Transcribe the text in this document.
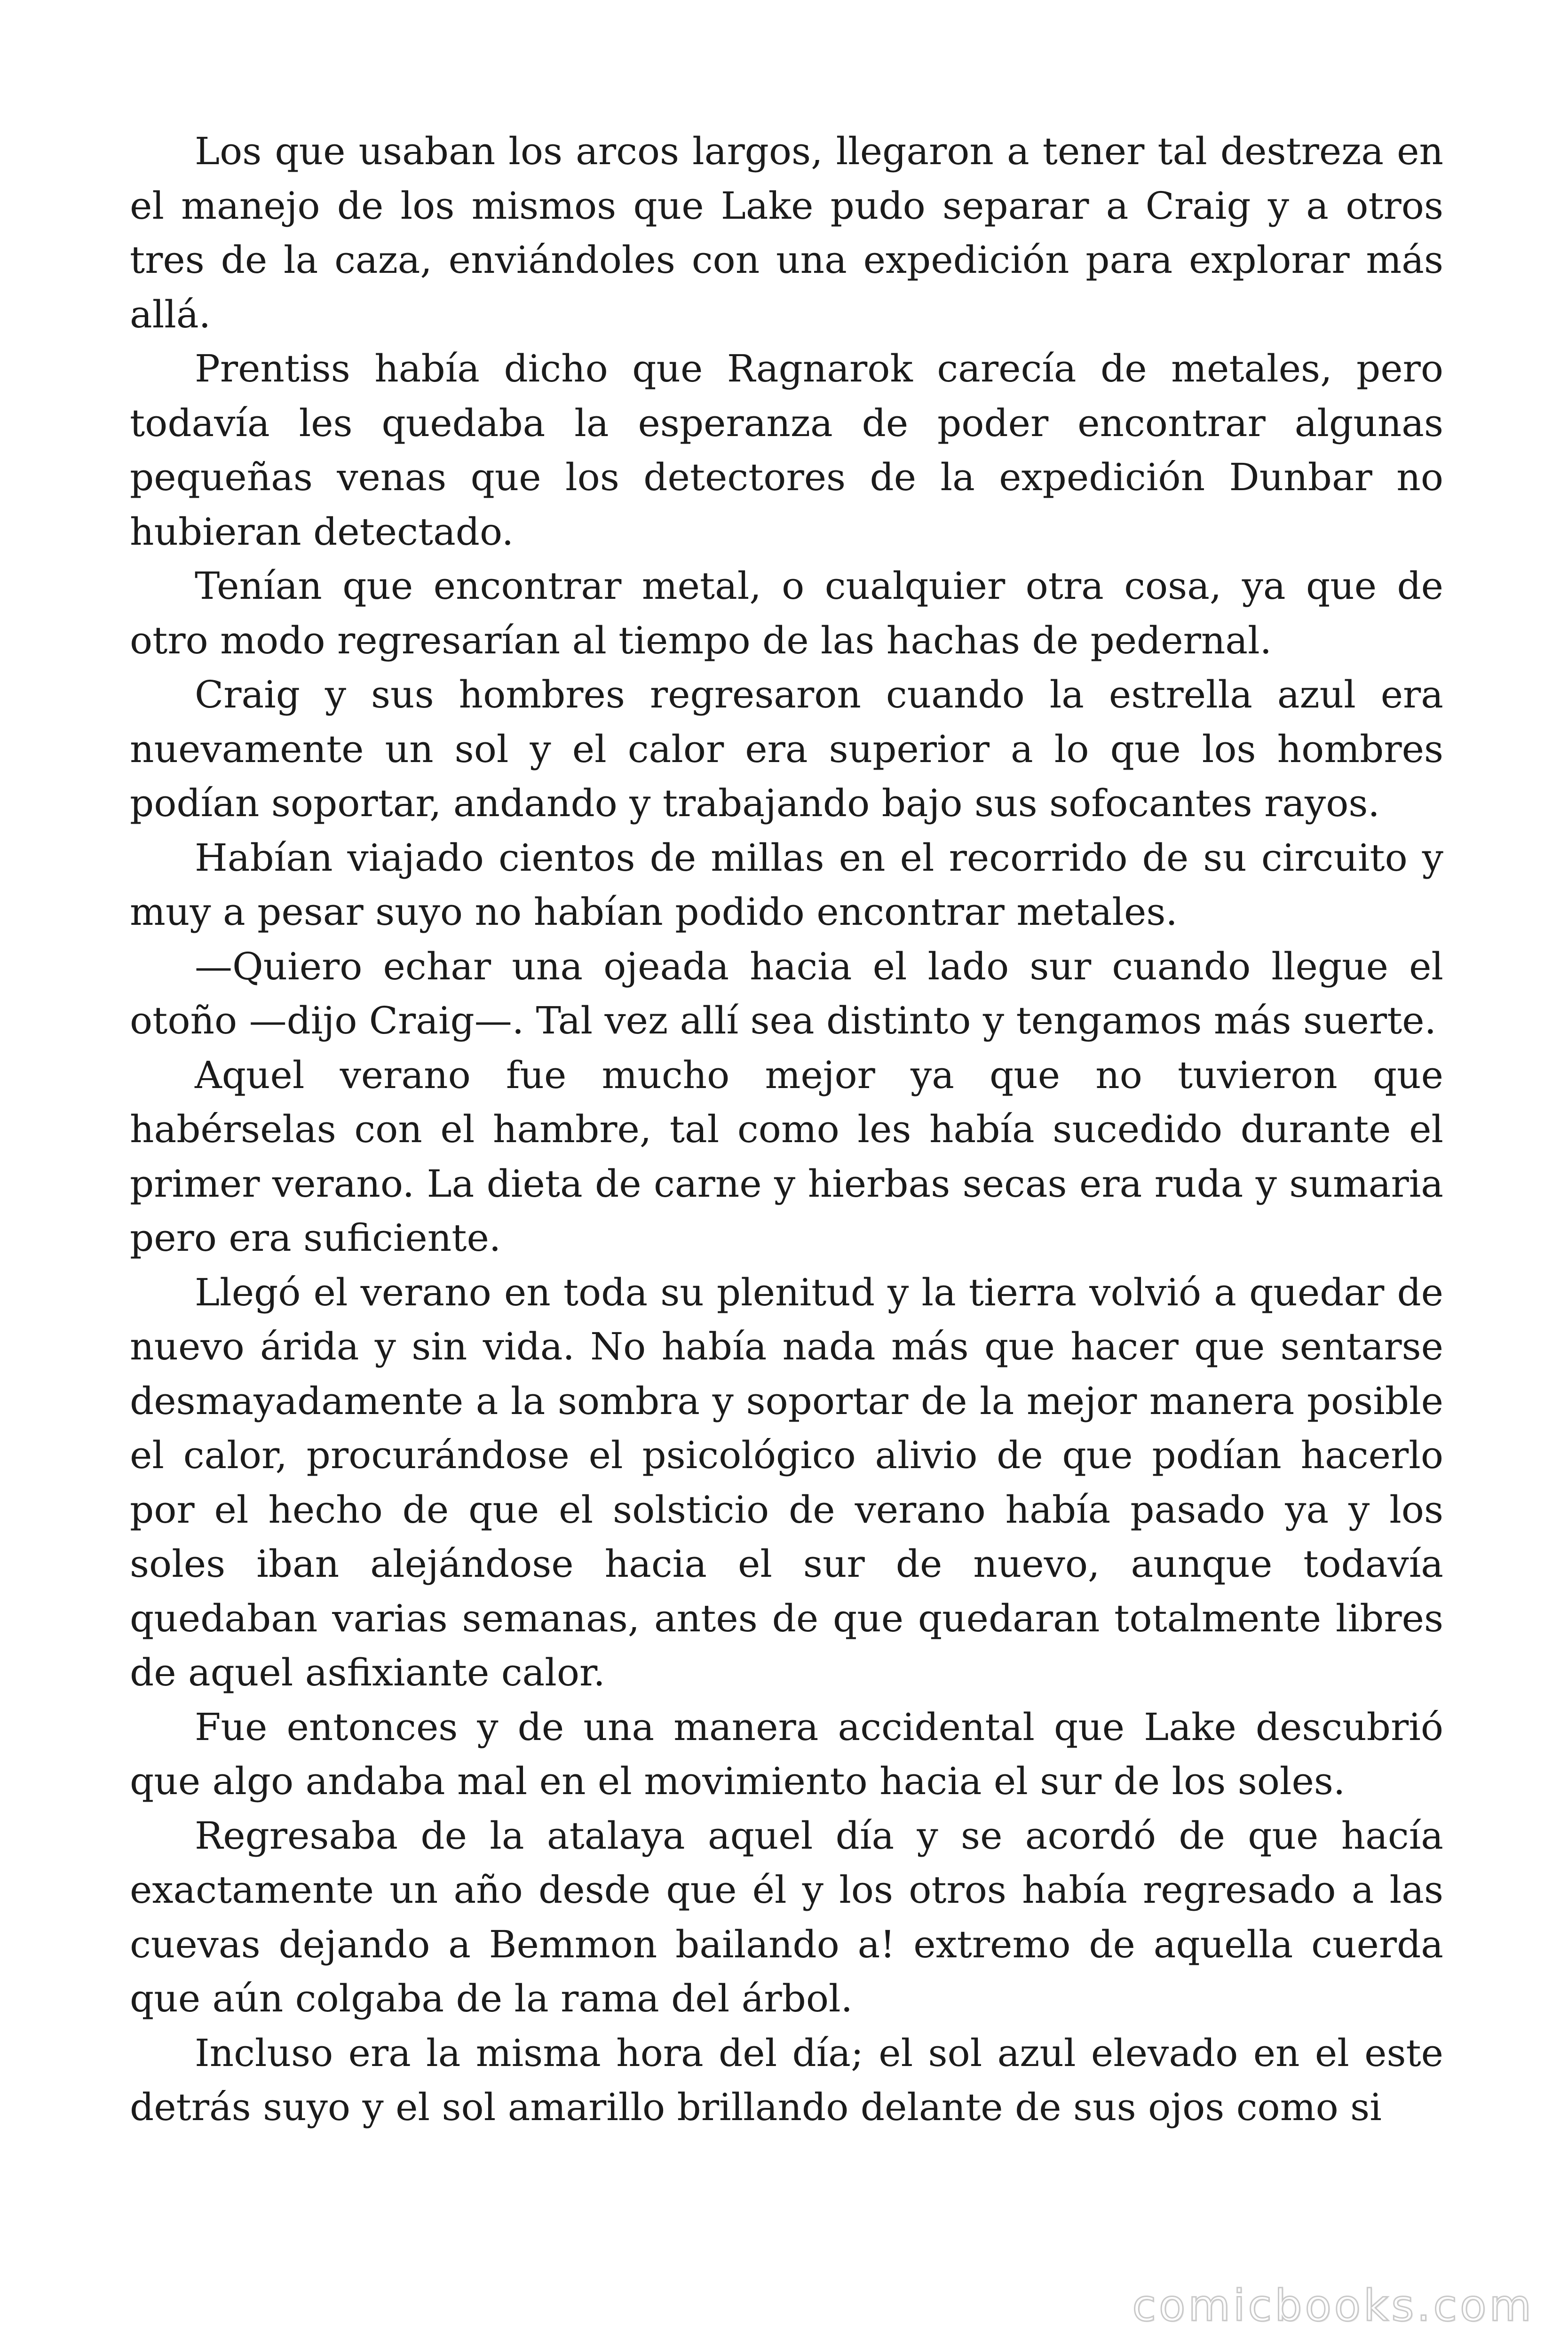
Los que usaban los arcos largos, llegaron a tener tal destreza en el manejo de los mismos que Lake pudo separar a Craig y a otros tres de la caza, enviándoles con una expedición para explorar más allá.

Prentiss había dicho que Ragnarok carecía de metales, pero todavía les quedaba la esperanza de poder encontrar algunas pequeñas venas que los detectores de la expedición Dunbar no hubieran detectado.

Tenían que encontrar metal, o cualquier otra cosa, ya que de otro modo regresarían al tiempo de las hachas de pedernal.

Craig y sus hombres regresaron cuando la estrella azul era nuevamente un sol y el calor era superior a lo que los hombres podían soportar, andando y trabajando bajo sus sofocantes rayos.

Habían viajado cientos de millas en el recorrido de su circuito y muy a pesar suyo no habían podido encontrar metales.

—Quiero echar una ojeada hacia el lado sur cuando llegue el otoño —dijo Craig—. Tal vez allí sea distinto y tengamos más suerte.

Aquel verano fue mucho mejor ya que no tuvieron que habérselas con el hambre, tal como les había sucedido durante el primer verano. La dieta de carne y hierbas secas era ruda y sumaria pero era suficiente.

Llegó el verano en toda su plenitud y la tierra volvió a quedar de nuevo árida y sin vida. No había nada más que hacer que sentarse desmayadamente a la sombra y soportar de la mejor manera posible el calor, procurándose el psicológico alivio de que podían hacerlo por el hecho de que el solsticio de verano había pasado ya y los soles iban alejándose hacia el sur de nuevo, aunque todavía quedaban varias semanas, antes de que quedaran totalmente libres de aquel asfixiante calor.

Fue entonces y de una manera accidental que Lake descubrió que algo andaba mal en el movimiento hacia el sur de los soles.

Regresaba de la atalaya aquel día y se acordó de que hacía exactamente un año desde que él y los otros había regresado a las cuevas dejando a Bemmon bailando a! extremo de aquella cuerda que aún colgaba de la rama del árbol.

Incluso era la misma hora del día; el sol azul elevado en el este detrás suyo y el sol amarillo brillando delante de sus ojos como si

comicbooks.com
